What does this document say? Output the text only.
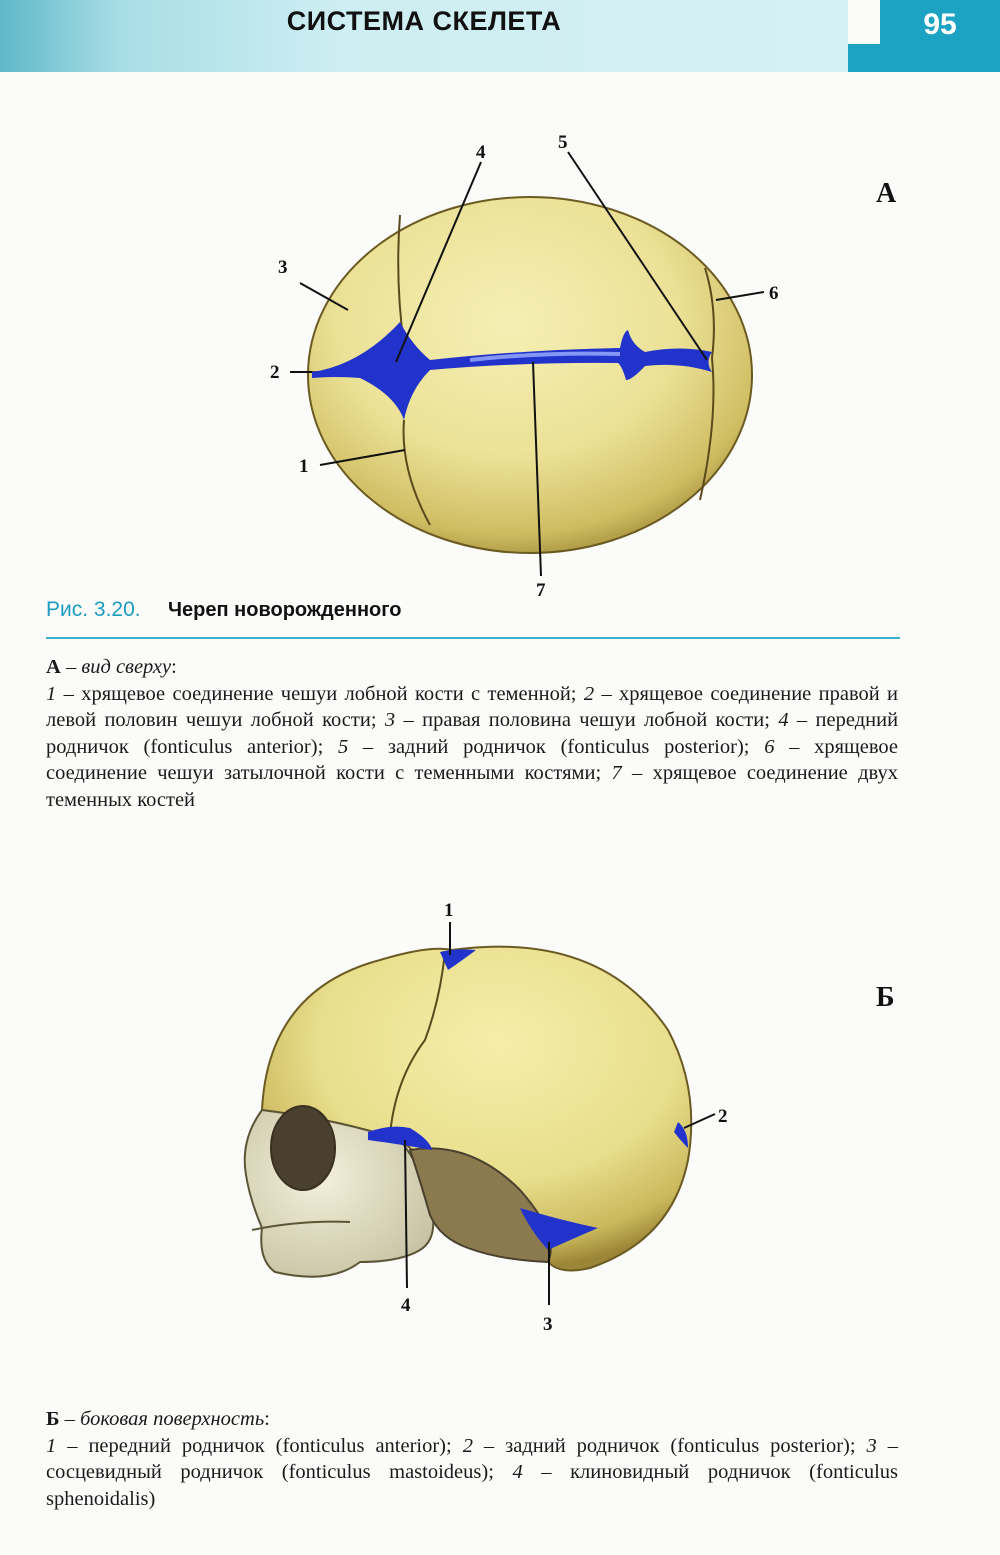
СИСТЕМА СКЕЛЕТА	95
А
1
2
3
4	5
6
7
Рис. 3.20. Череп новорожденного
А – вид сверху:
1 – хрящевое соединение чешуи лобной кости с теменной; 2 – хрящевое соединение правой и левой половин чешуи лобной кости; 3 – правая половина чешуи лобной кости; 4 – передний родничок (fonticulus anterior); 5 – задний родничок (fonticulus posterior); 6 – хрящевое соединение чешуи затылочной кости с теменными костями; 7 – хрящевое соединение двух теменных костей
Б
1
2
3
4
Б – боковая поверхность:
1 – передний родничок (fonticulus anterior); 2 – задний родничок (fonticulus posterior); 3 – сосцевидный родничок (fonticulus mastoideus); 4 – клиновидный родничок (fonticulus sphenoidalis)
